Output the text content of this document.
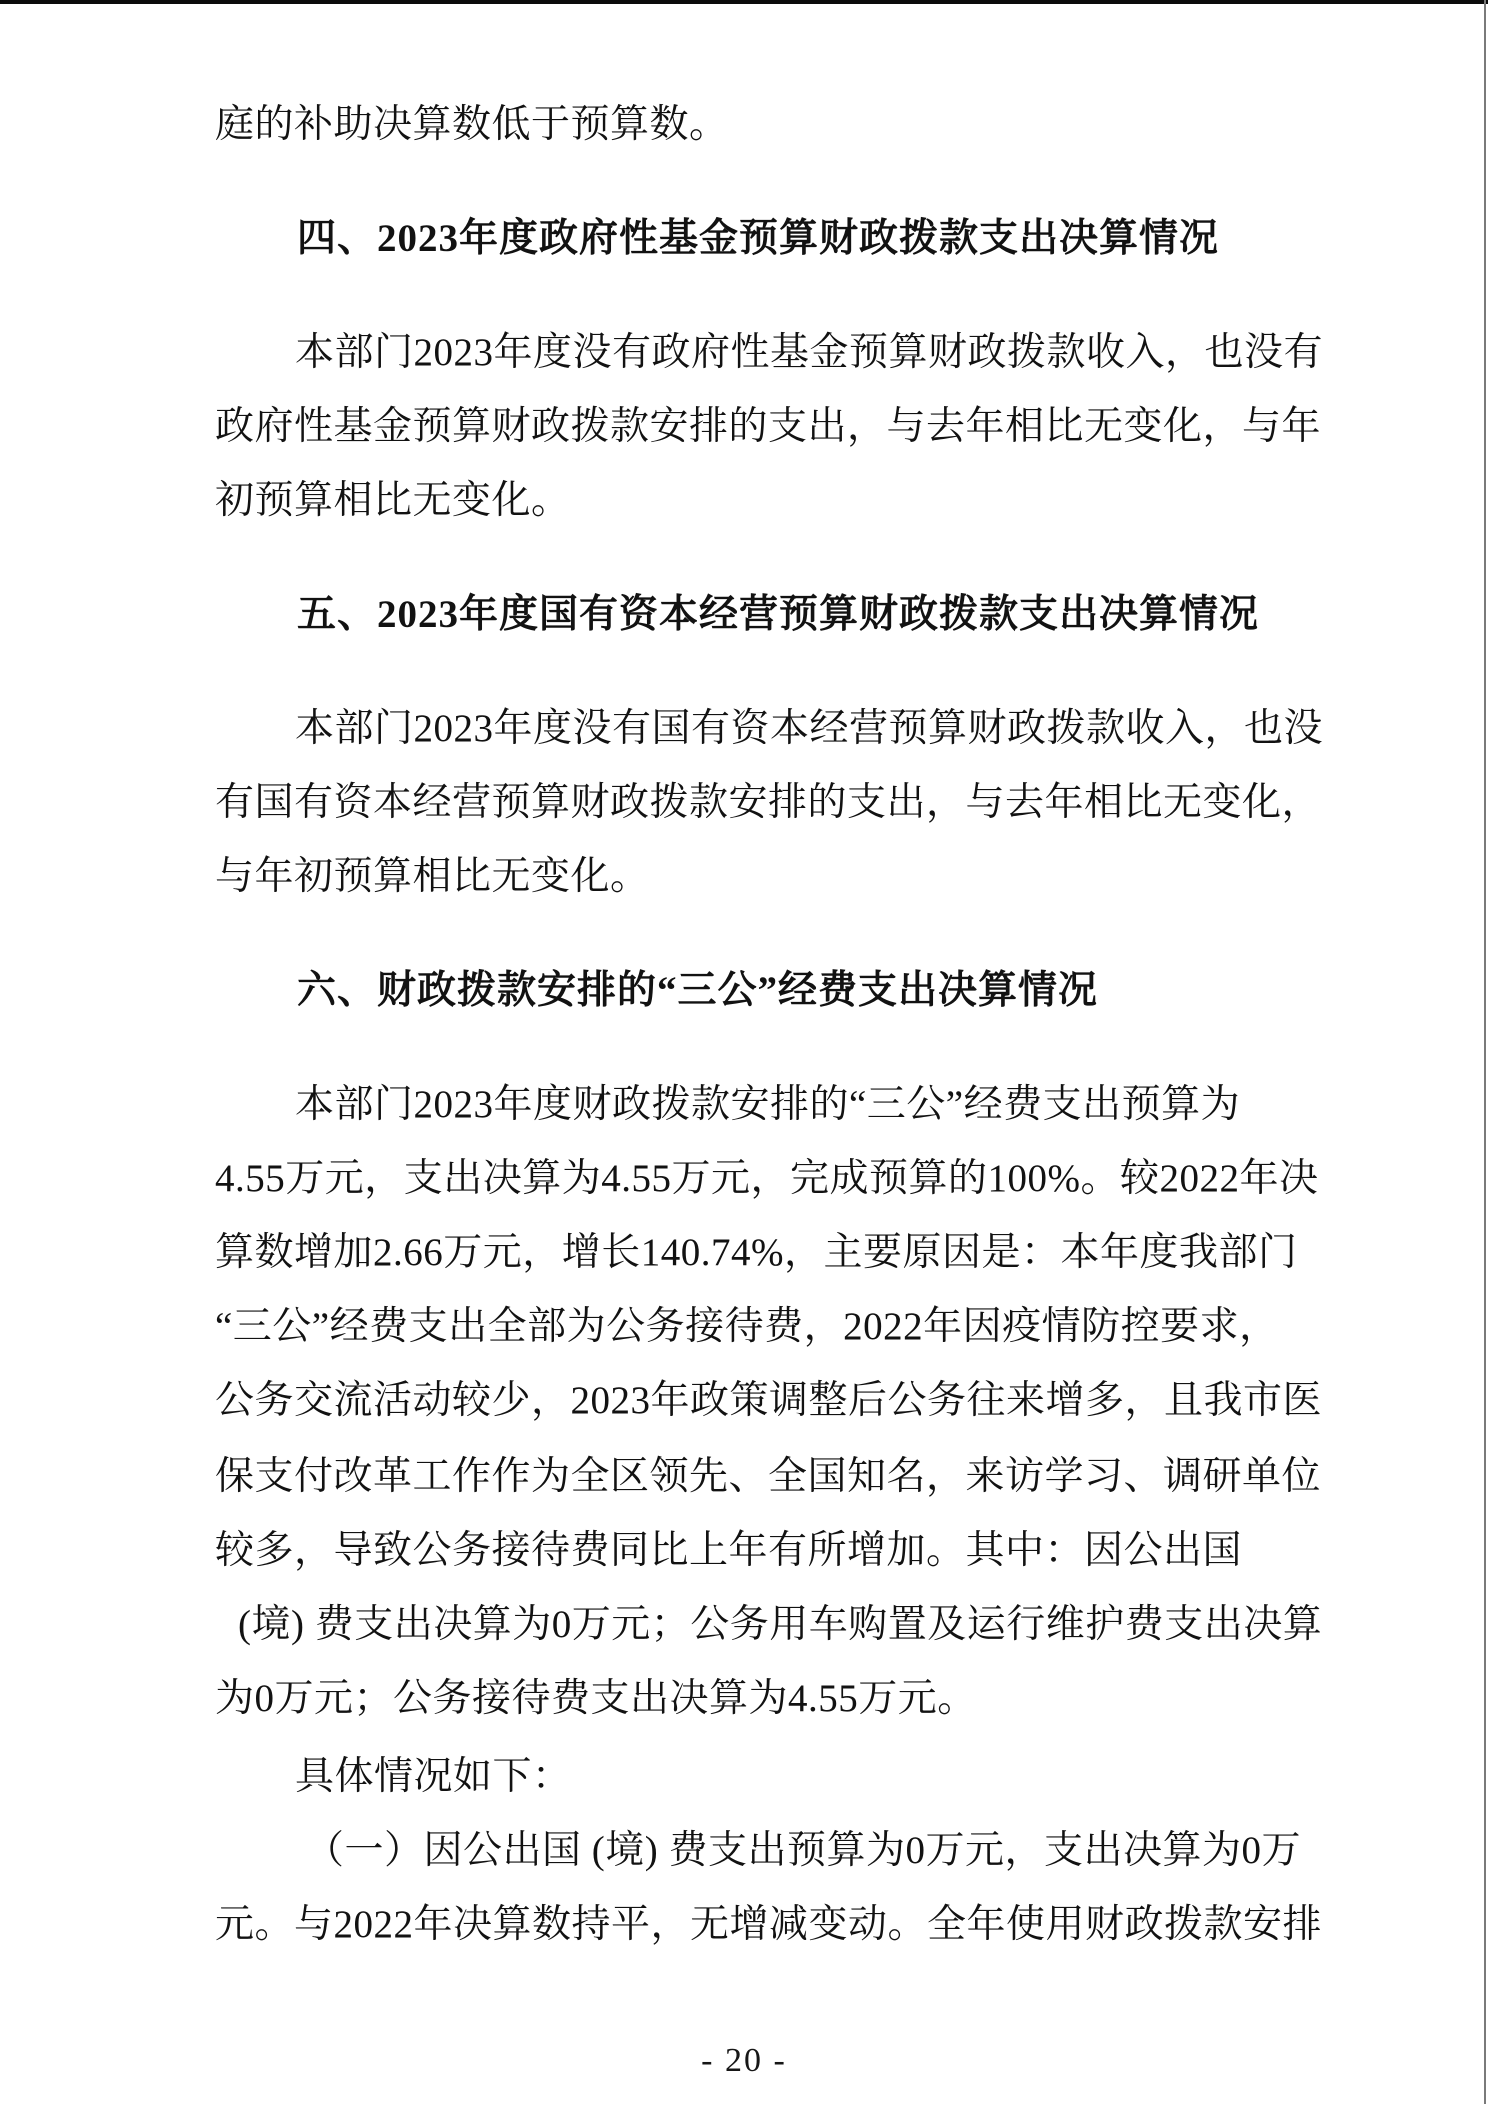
庭的补助决算数低于预算数。
四、2023年度政府性基金预算财政拨款支出决算情况
本部门2023年度没有政府性基金预算财政拨款收入，也没有
政府性基金预算财政拨款安排的支出，与去年相比无变化，与年
初预算相比无变化。
五、2023年度国有资本经营预算财政拨款支出决算情况
本部门2023年度没有国有资本经营预算财政拨款收入，也没
有国有资本经营预算财政拨款安排的支出，与去年相比无变化，
与年初预算相比无变化。
六、财政拨款安排的“三公”经费支出决算情况
本部门2023年度财政拨款安排的“三公”经费支出预算为
4.55万元，支出决算为4.55万元，完成预算的100%。较2022年决
算数增加2.66万元，增长140.74%，主要原因是：本年度我部门
“三公”经费支出全部为公务接待费，2022年因疫情防控要求，
公务交流活动较少，2023年政策调整后公务往来增多，且我市医
保支付改革工作作为全区领先、全国知名，来访学习、调研单位
较多，导致公务接待费同比上年有所增加。其中：因公出国
(境) 费支出决算为0万元；公务用车购置及运行维护费支出决算
为0万元；公务接待费支出决算为4.55万元。
具体情况如下：
（一）因公出国 (境) 费支出预算为0万元，支出决算为0万
元。与2022年决算数持平，无增减变动。全年使用财政拨款安排
- 20 -
